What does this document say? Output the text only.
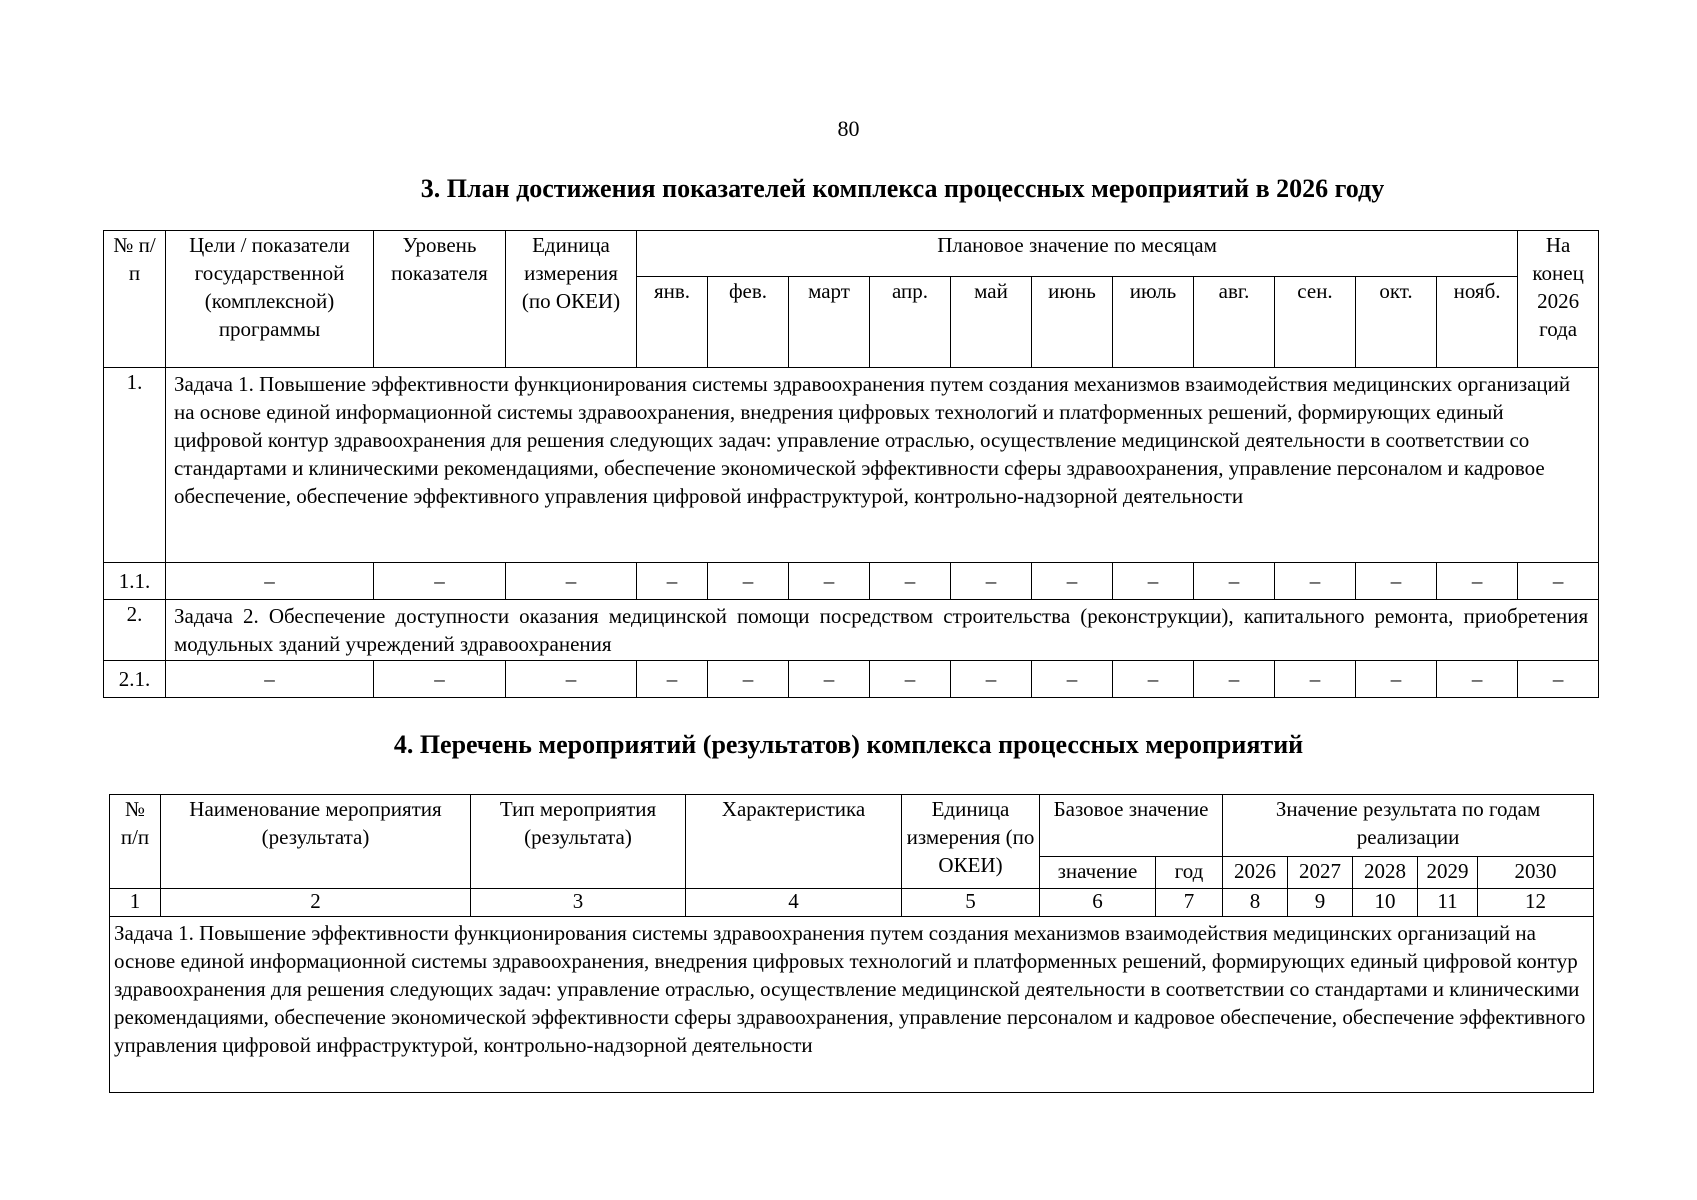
80
3. План достижения показателей комплекса процессных мероприятий в 2026 году
№ п/п	Цели / показатели государственной (комплексной) программы	Уровень показателя	Единица измерения (по ОКЕИ)	Плановое значение по месяцам											На конец 2026 года
				янв.	фев.	март	апр.	май	июнь	июль	авг.	сен.	окт.	нояб.	
1.	Задача 1. Повышение эффективности функционирования системы здравоохранения путем создания механизмов взаимодействия медицинских организаций на основе единой информационной системы здравоохранения, внедрения цифровых технологий и платформенных решений, формирующих единый цифровой контур здравоохранения для решения следующих задач: управление отраслью, осуществление медицинской деятельности в соответствии со стандартами и клиническими рекомендациями, обеспечение экономической эффективности сферы здравоохранения, управление персоналом и кадровое обеспечение, обеспечение эффективного управления цифровой инфраструктурой, контрольно-надзорной деятельности														
1.1.	–	–	–	–	–	–	–	–	–	–	–	–	–	–	–
2.	Задача 2. Обеспечение доступности оказания медицинской помощи посредством строительства (реконструкции), капитального ремонта, приобретения модульных зданий учреждений здравоохранения														
2.1.	–	–	–	–	–	–	–	–	–	–	–	–	–	–	–
4. Перечень мероприятий (результатов) комплекса процессных мероприятий
№ п/п	Наименование мероприятия (результата)	Тип мероприятия (результата)	Характеристика	Единица измерения (по ОКЕИ)	Базовое значение		Значение результата по годам реализации				
					значение	год	2026	2027	2028	2029	2030
1	2	3	4	5	6	7	8	9	10	11	12
Задача 1. Повышение эффективности функционирования системы здравоохранения путем создания механизмов взаимодействия медицинских организаций на основе единой информационной системы здравоохранения, внедрения цифровых технологий и платформенных решений, формирующих единый цифровой контур здравоохранения для решения следующих задач: управление отраслью, осуществление медицинской деятельности в соответствии со стандартами и клиническими рекомендациями, обеспечение экономической эффективности сферы здравоохранения, управление персоналом и кадровое обеспечение, обеспечение эффективного управления цифровой инфраструктурой, контрольно-надзорной деятельности											
